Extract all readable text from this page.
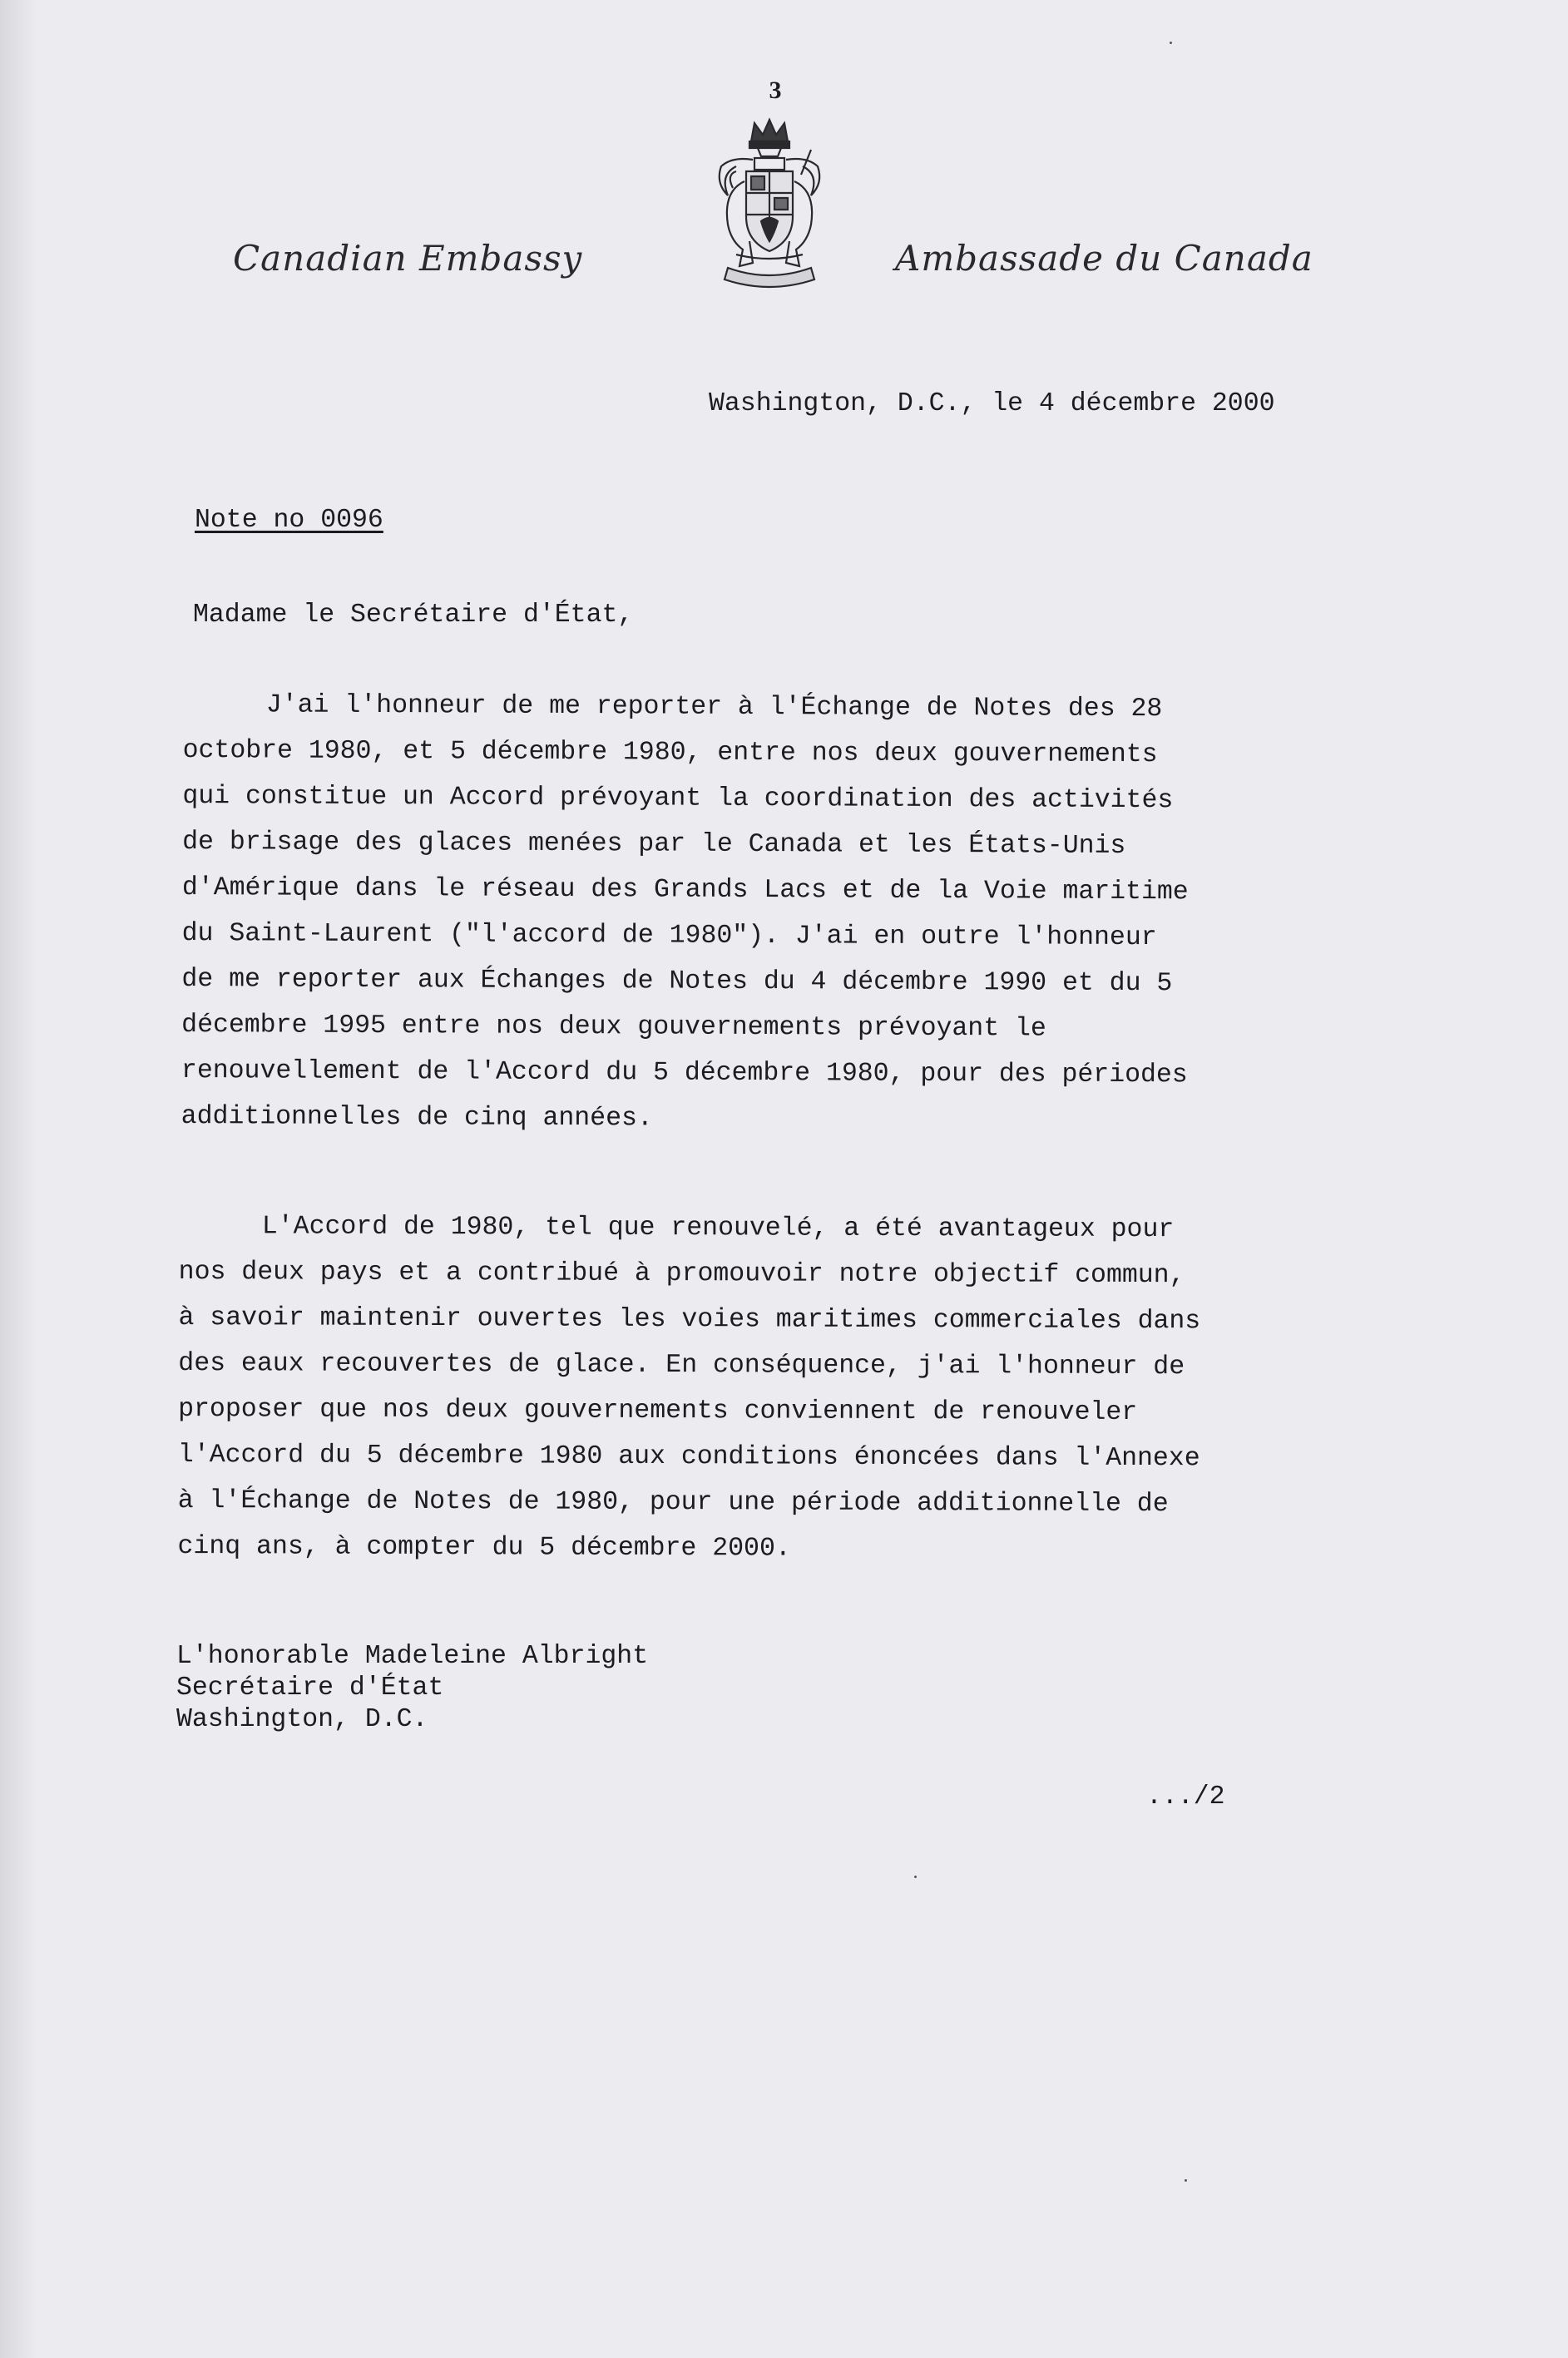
3
Canadian Embassy	Ambassade du Canada
Washington, D.C., le 4 décembre 2000
Note no 0096
Madame le Secrétaire d'État,
J'ai l'honneur de me reporter à l'Échange de Notes des 28
octobre 1980, et 5 décembre 1980, entre nos deux gouvernements
qui constitue un Accord prévoyant la coordination des activités
de brisage des glaces menées par le Canada et les États-Unis
d'Amérique dans le réseau des Grands Lacs et de la Voie maritime
du Saint-Laurent ("l'accord de 1980"). J'ai en outre l'honneur
de me reporter aux Échanges de Notes du 4 décembre 1990 et du 5
décembre 1995 entre nos deux gouvernements prévoyant le
renouvellement de l'Accord du 5 décembre 1980, pour des périodes
additionnelles de cinq années.
L'Accord de 1980, tel que renouvelé, a été avantageux pour
nos deux pays et a contribué à promouvoir notre objectif commun,
à savoir maintenir ouvertes les voies maritimes commerciales dans
des eaux recouvertes de glace. En conséquence, j'ai l'honneur de
proposer que nos deux gouvernements conviennent de renouveler
l'Accord du 5 décembre 1980 aux conditions énoncées dans l'Annexe
à l'Échange de Notes de 1980, pour une période additionnelle de
cinq ans, à compter du 5 décembre 2000.
L'honorable Madeleine Albright
Secrétaire d'État
Washington, D.C.
.../2
